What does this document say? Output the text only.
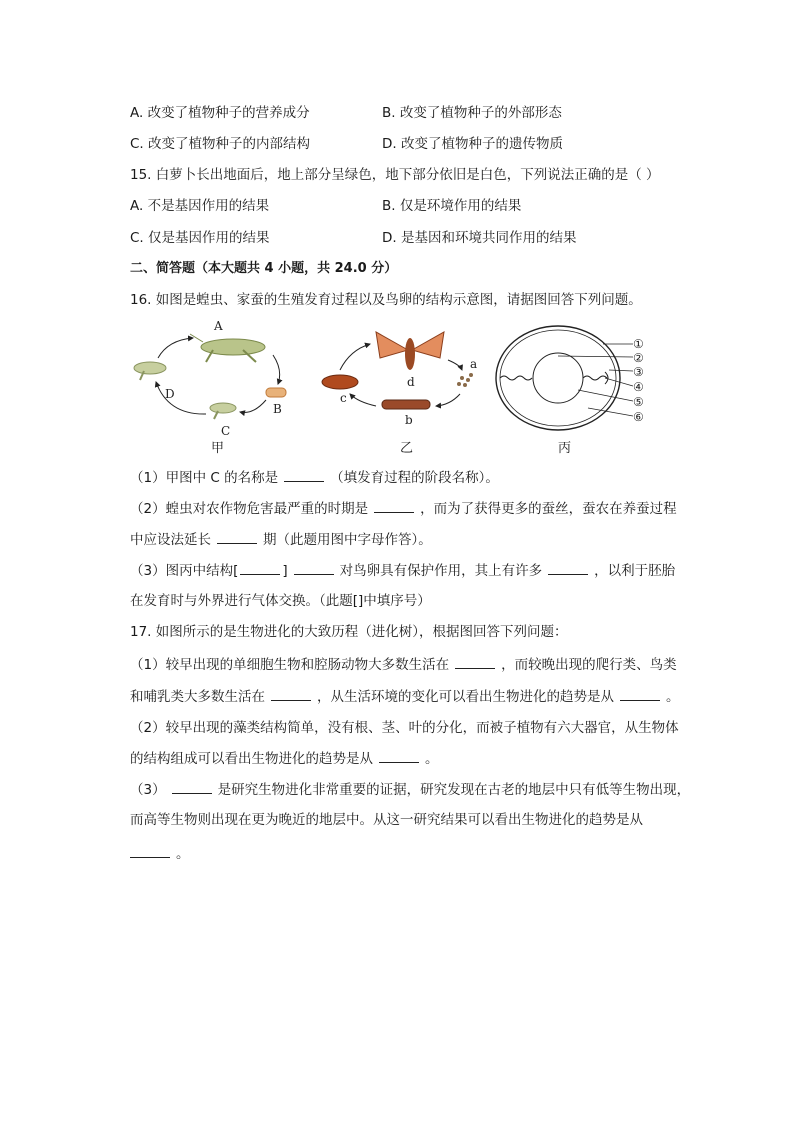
A. 改变了植物种子的营养成分	B. 改变了植物种子的外部形态
C. 改变了植物种子的内部结构	D. 改变了植物种子的遗传物质
15. 白萝卜长出地面后，地上部分呈绿色，地下部分依旧是白色，下列说法正确的是（ ）
A. 不是基因作用的结果	B. 仅是环境作用的结果
C. 仅是基因作用的结果	D. 是基因和环境共同作用的结果
二、简答题（本大题共 4 小题，共 24.0 分）
16. 如图是蝗虫、家蚕的生殖发育过程以及鸟卵的结构示意图，请据图回答下列问题。
A
B
C
D
a
b
c
d
①
②
③
④
⑤
⑥
甲	乙	丙
（1）甲图中 C 的名称是	（填发育过程的阶段名称）。
（2）蝗虫对农作物危害最严重的时期是	，而为了获得更多的蚕丝，蚕农在养蚕过程
中应设法延长	期（此题用图中字母作答）。
（3）图丙中结构[	]	对鸟卵具有保护作用，其上有许多	，以利于胚胎
在发育时与外界进行气体交换。（此题[]中填序号）
17. 如图所示的是生物进化的大致历程（进化树），根据图回答下列问题：
（1）较早出现的单细胞生物和腔肠动物大多数生活在	，而较晚出现的爬行类、鸟类
和哺乳类大多数生活在	，从生活环境的变化可以看出生物进化的趋势是从	。
（2）较早出现的藻类结构简单，没有根、茎、叶的分化，而被子植物有六大器官，从生物体
的结构组成可以看出生物进化的趋势是从	。
（3）	是研究生物进化非常重要的证据，研究发现在古老的地层中只有低等生物出现，
而高等生物则出现在更为晚近的地层中。从这一研究结果可以看出生物进化的趋势是从
。
